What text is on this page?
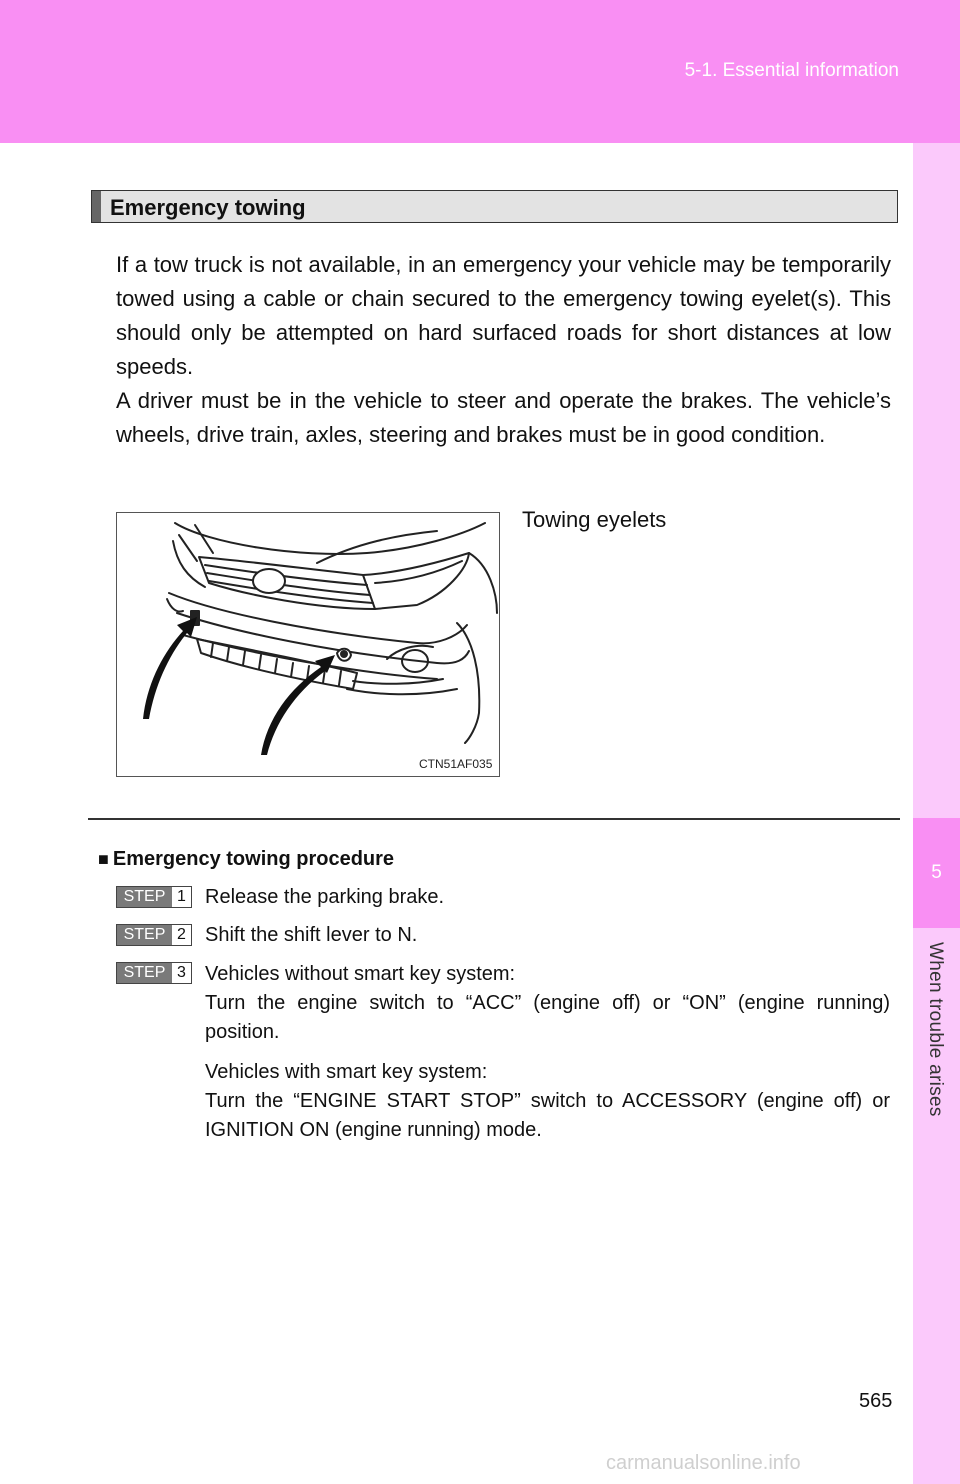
5-1. Essential information
5
When trouble arises
Emergency towing

If a tow truck is not available, in an emergency your vehicle may be temporarily towed using a cable or chain secured to the emergency towing eyelet(s). This should only be attempted on hard surfaced roads for short distances at low speeds.

A driver must be in the vehicle to steer and operate the brakes. The vehicle’s wheels, drive train, axles, steering and brakes must be in good condition.

CTN51AF035
Towing eyelets
■ Emergency towing procedure
STEP 1 Release the parking brake.

STEP 2 Shift the shift lever to N.

STEP 3 Vehicles without smart key system:
Turn the engine switch to “ACC” (engine off) or “ON” (engine running) position.

Vehicles with smart key system:
Turn the “ENGINE START STOP” switch to ACCESSORY (engine off) or IGNITION ON (engine running) mode.

565
carmanualsonline.info
